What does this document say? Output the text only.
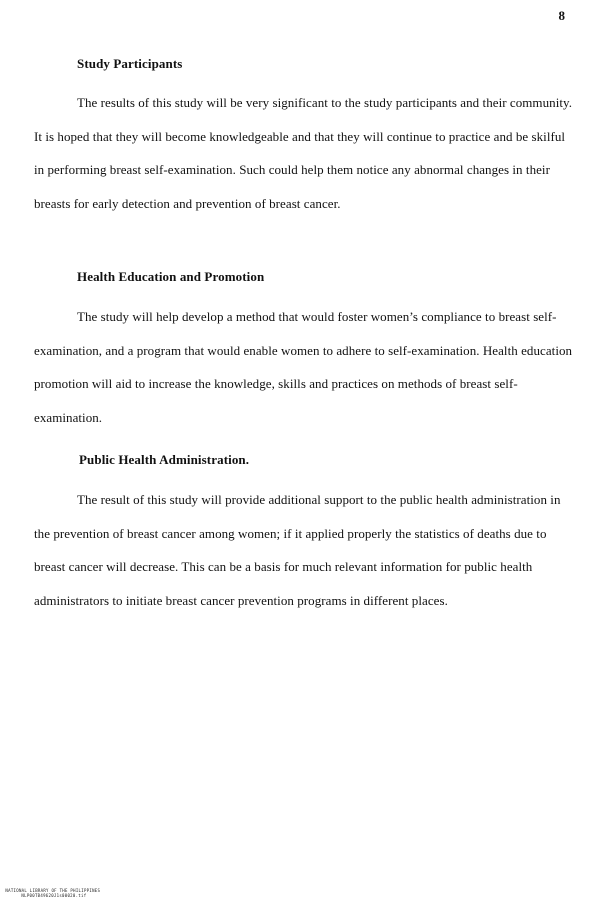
8
Study Participants

The results of this study will be very significant to the study participants and their community. It is hoped that they will become knowledgeable and that they will continue to practice and be skilful in performing breast self-examination. Such could help them notice any abnormal changes in their breasts for early detection and prevention of breast cancer.

Health Education and Promotion

The study will help develop a method that would foster women’s compliance to breast self- examination, and a program that would enable women to adhere to self-examination. Health education promotion will aid to increase the knowledge, skills and practices on methods of breast self-examination.

Public Health Administration.

The result of this study will provide additional support to the public health administration in the prevention of breast cancer among women; if it applied properly the statistics of deaths due to breast cancer will decrease. This can be a basis for much relevant information for public health administrators to initiate breast cancer prevention programs in different places.

NATIONAL LIBRARY OF THE PHILIPPINES
NLP00TB49620J1s00020.tif
